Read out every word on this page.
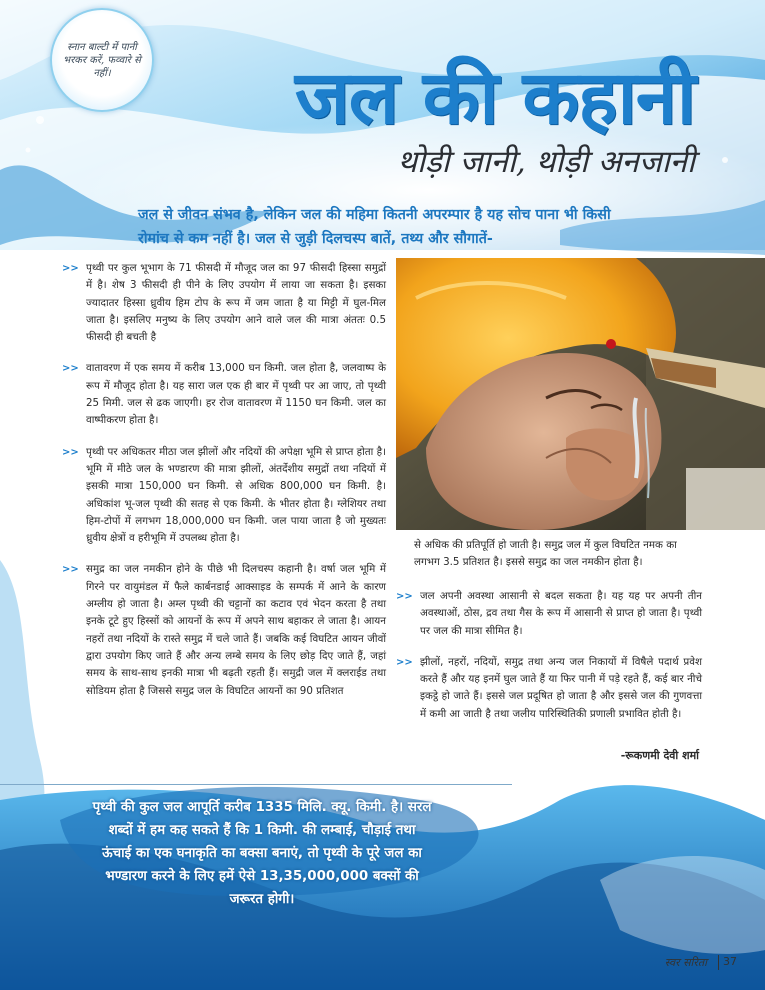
स्नान बाल्टी में पानी भरकर करें, फव्वारे से नहीं।	जल की कहानी
थोड़ी जानी, थोड़ी अनजानी
जल से जीवन संभव है, लेकिन जल की महिमा कितनी अपरम्पार है यह सोच पाना भी किसी रोमांच से कम नहीं है। जल से जुड़ी दिलचस्प बातें, तथ्य और सौगातें-
>> पृथ्वी पर कुल भूभाग के 71 फीसदी में मौजूद जल का 97 फीसदी हिस्सा समुद्रों में है। शेष 3 फीसदी ही पीने के लिए उपयोग में लाया जा सकता है। इसका ज्यादातर हिस्सा ध्रुवीय हिम टोप के रूप में जम जाता है या मिट्टी में घुल-मिल जाता है। इसलिए मनुष्य के लिए उपयोग आने वाले जल की मात्रा अंततः 0.5 फीसदी ही बचती है
>> वातावरण में एक समय में करीब 13,000 घन किमी. जल होता है, जलवाष्प के रूप में मौजूद होता है। यह सारा जल एक ही बार में पृथ्वी पर आ जाए, तो पृथ्वी 25 मिमी. जल से ढक जाएगी। हर रोज वातावरण में 1150 घन किमी. जल का वाष्पीकरण होता है।
>> पृथ्वी पर अधिकतर मीठा जल झीलों और नदियों की अपेक्षा भूमि से प्राप्त होता है। भूमि में मीठे जल के भण्डारण की मात्रा झीलों, अंतर्देशीय समुद्रों तथा नदियों में इसकी मात्रा 150,000 घन किमी. से अधिक 800,000 घन किमी. है। अधिकांश भू-जल पृथ्वी की सतह से एक किमी. के भीतर होता है। ग्लेशियर तथा हिम-टोपों में लगभग 18,000,000 घन किमी. जल पाया जाता है जो मुख्यतः ध्रुवीय क्षेत्रों व हरीभूमि में उपलब्ध होता है।
>> समुद्र का जल नमकीन होने के पीछे भी दिलचस्प कहानी है। वर्षा जल भूमि में गिरने पर वायुमंडल में फैले कार्बनडाई आक्साइड के सम्पर्क में आने के कारण अम्लीय हो जाता है। अम्ल पृथ्वी की चट्टानों का कटाव एवं भेदन करता है तथा इनके टूटे हुए हिस्सों को आयनों के रूप में अपने साथ बहाकर ले जाता है। आयन नहरों तथा नदियों के रास्ते समुद्र में चले जाते हैं। जबकि कई विघटित आयन जीवों द्वारा उपयोग किए जाते हैं और अन्य लम्बे समय के लिए छोड़ दिए जाते हैं, जहां समय के साथ-साथ इनकी मात्रा भी बढ़ती रहती हैं। समुद्री जल में क्लराईड तथा सोडियम होता है जिससे समुद्र जल के विघटित आयनों का 90 प्रतिशत
से अधिक की प्रतिपूर्ति हो जाती है। समुद्र जल में कुल विघटित नमक का लगभग 3.5 प्रतिशत है। इससे समुद्र का जल नमकीन होता है।
>> जल अपनी अवस्था आसानी से बदल सकता है। यह यह पर अपनी तीन अवस्थाओं, ठोस, द्रव तथा गैस के रूप में आसानी से प्राप्त हो जाता है। पृथ्वी पर जल की मात्रा सीमित है।
>> झीलों, नहरों, नदियों, समुद्र तथा अन्य जल निकायों में विषैले पदार्थ प्रवेश करते हैं और यह इनमें घुल जाते हैं या फिर पानी में पड़े रहते हैं, कई बार नीचे इकट्ठे हो जाते हैं। इससे जल प्रदूषित हो जाता है और इससे जल की गुणवत्ता में कमी आ जाती है तथा जलीय पारिस्थितिकी प्रणाली प्रभावित होती है।
-रूकणमी देवी शर्मा
पृथ्वी की कुल जल आपूर्ति करीब 1335 मिलि. क्यू. किमी. है। सरल शब्दों में हम कह सकते हैं कि 1 किमी. की लम्बाई, चौड़ाई तथा ऊंचाई का एक घनाकृति का बक्सा बनाएं, तो पृथ्वी के पूरे जल का भण्डारण करने के लिए हमें ऐसे 13,35,000,000 बक्सों की जरूरत होगी।
स्वर सरिता 37
